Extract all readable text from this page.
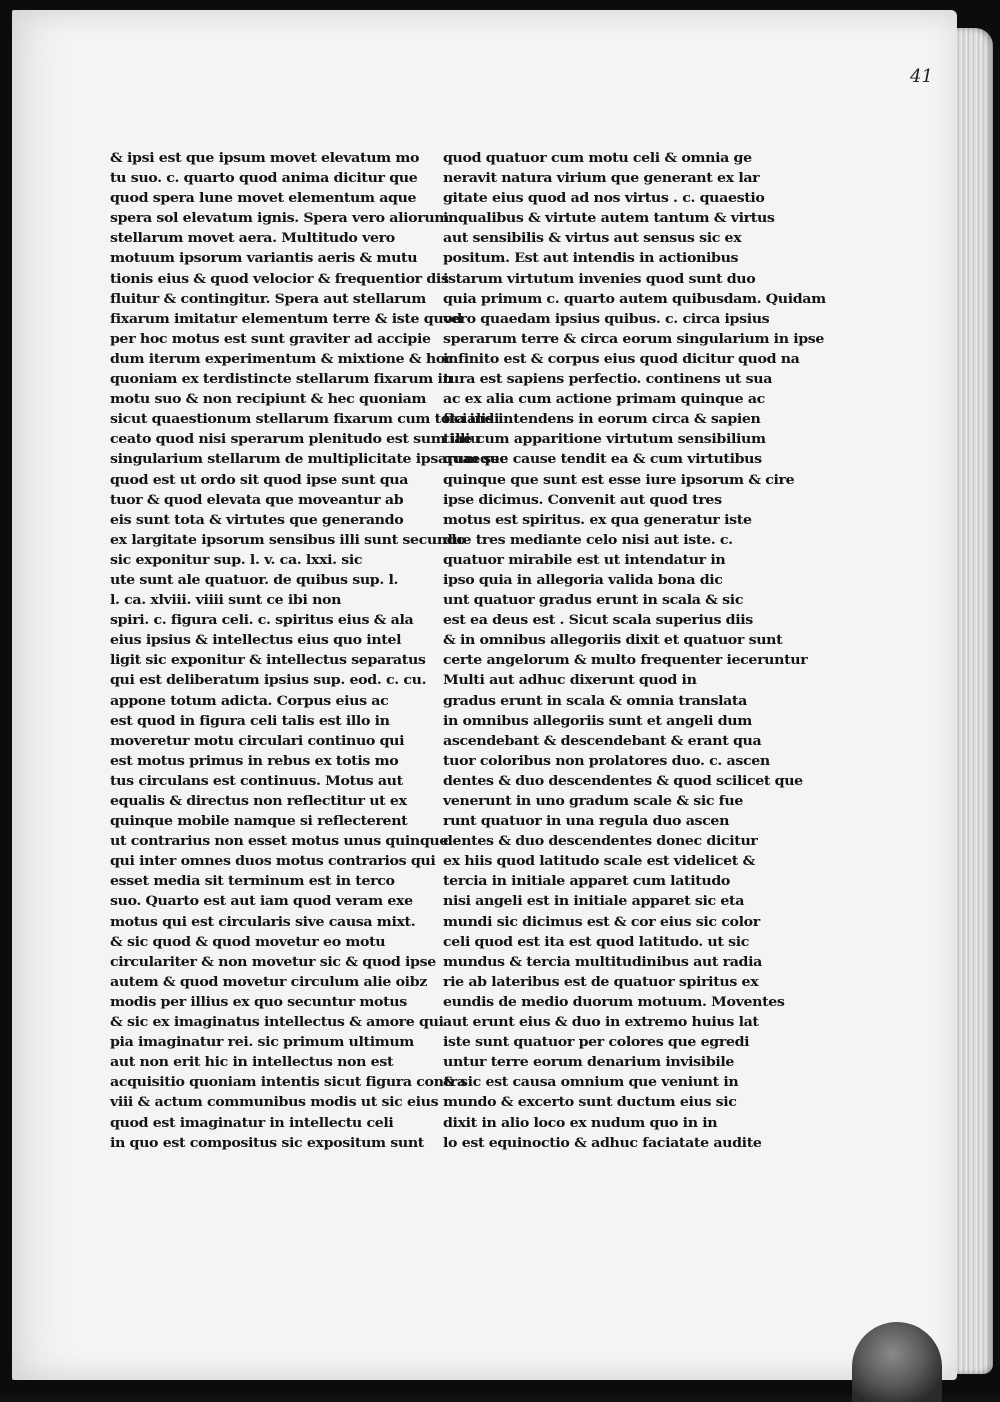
41
& ipsi est que ipsum movet elevatum mo
tu suo. c. quarto quod anima dicitur que
quod spera lune movet elementum aque
spera sol elevatum ignis. Spera vero aliorum .
stellarum movet aera. Multitudo vero
motuum ipsorum variantis aeris & mutu
tionis eius & quod velocior & frequentior dis
fluitur & contingitur. Spera aut stellarum
fixarum imitatur elementum terre & iste quod
per hoc motus est sunt graviter ad accipie
dum iterum experimentum & mixtione & hoc
quoniam ex terdistincte stellarum fixarum in
motu suo & non recipiunt & hec quoniam
sicut quaestionum stellarum fixarum cum tota indi
ceato quod nisi sperarum plenitudo est sum illiu
singularium stellarum de multiplicitate ipsarum sec
quod est ut ordo sit quod ipse sunt qua
tuor & quod elevata que moveantur ab
eis sunt tota & virtutes que generando
ex largitate ipsorum sensibus illi sunt secundo
sic exponitur sup. l. v. ca. lxxi. sic
ute sunt ale quatuor. de quibus sup. l.
l. ca. xlviii. viiii sunt ce ibi non
spiri. c. figura celi. c. spiritus eius & ala
eius ipsius & intellectus eius quo intel
ligit sic exponitur & intellectus separatus
qui est deliberatum ipsius sup. eod. c. cu.
appone totum adicta. Corpus eius ac
est quod in figura celi talis est illo in
moveretur motu circulari continuo qui
est motus primus in rebus ex totis mo
tus circulans est continuus. Motus aut
equalis & directus non reflectitur ut ex
quinque mobile namque si reflecterent
ut contrarius non esset motus unus quinque
qui inter omnes duos motus contrarios qui
esset media sit terminum est in terco
suo. Quarto est aut iam quod veram exe
motus qui est circularis sive causa mixt.
& sic quod & quod movetur eo motu
circulariter & non movetur sic & quod ipse
autem & quod movetur circulum alie oibz
modis per illius ex quo secuntur motus
& sic ex imaginatus intellectus & amore qui
pia imaginatur rei. sic primum ultimum
aut non erit hic in intellectus non est
acquisitio quoniam intentis sicut figura contra
viii & actum communibus modis ut sic eius
quod est imaginatur in intellectu celi
in quo est compositus sic expositum sunt
quod quatuor cum motu celi & omnia ge
neravit natura virium que generant ex lar
gitate eius quod ad nos virtus . c. quaestio
inqualibus & virtute autem tantum & virtus
aut sensibilis & virtus aut sensus sic ex
positum. Est aut intendis in actionibus
istarum virtutum invenies quod sunt duo
quia primum c. quarto autem quibusdam. Quidam
vero quaedam ipsius quibus. c. circa ipsius
sperarum terre & circa eorum singularium in ipse
infinito est & corpus eius quod dicitur quod na
tura est sapiens perfectio. continens ut sua
ac ex alia cum actione primam quinque ac
ficialis intendens in eorum circa & sapien
tiae cum apparitione virtutum sensibilium
quaeque cause tendit ea & cum virtutibus
quinque que sunt est esse iure ipsorum & cire
ipse dicimus. Convenit aut quod tres
motus est spiritus. ex qua generatur iste
due tres mediante celo nisi aut iste. c.
quatuor mirabile est ut intendatur in
ipso quia in allegoria valida bona dic
unt quatuor gradus erunt in scala & sic
est ea deus est . Sicut scala superius diis
& in omnibus allegoriis dixit et quatuor sunt
certe angelorum & multo frequenter ieceruntur
Multi aut adhuc dixerunt quod in
gradus erunt in scala & omnia translata
in omnibus allegoriis sunt et angeli dum
ascendebant & descendebant & erant qua
tuor coloribus non prolatores duo. c. ascen
dentes & duo descendentes & quod scilicet que
venerunt in uno gradum scale & sic fue
runt quatuor in una regula duo ascen
dentes & duo descendentes donec dicitur
ex hiis quod latitudo scale est videlicet &
tercia in initiale apparet cum latitudo
nisi angeli est in initiale apparet sic eta
mundi sic dicimus est & cor eius sic color
celi quod est ita est quod latitudo. ut sic
mundus & tercia multitudinibus aut radia
rie ab lateribus est de quatuor spiritus ex
eundis de medio duorum motuum. Moventes
aut erunt eius & duo in extremo huius lat
iste sunt quatuor per colores que egredi
untur terre eorum denarium invisibile
& sic est causa omnium que veniunt in
mundo & excerto sunt ductum eius sic
dixit in alio loco ex nudum quo in in
lo est equinoctio & adhuc faciatate audite
